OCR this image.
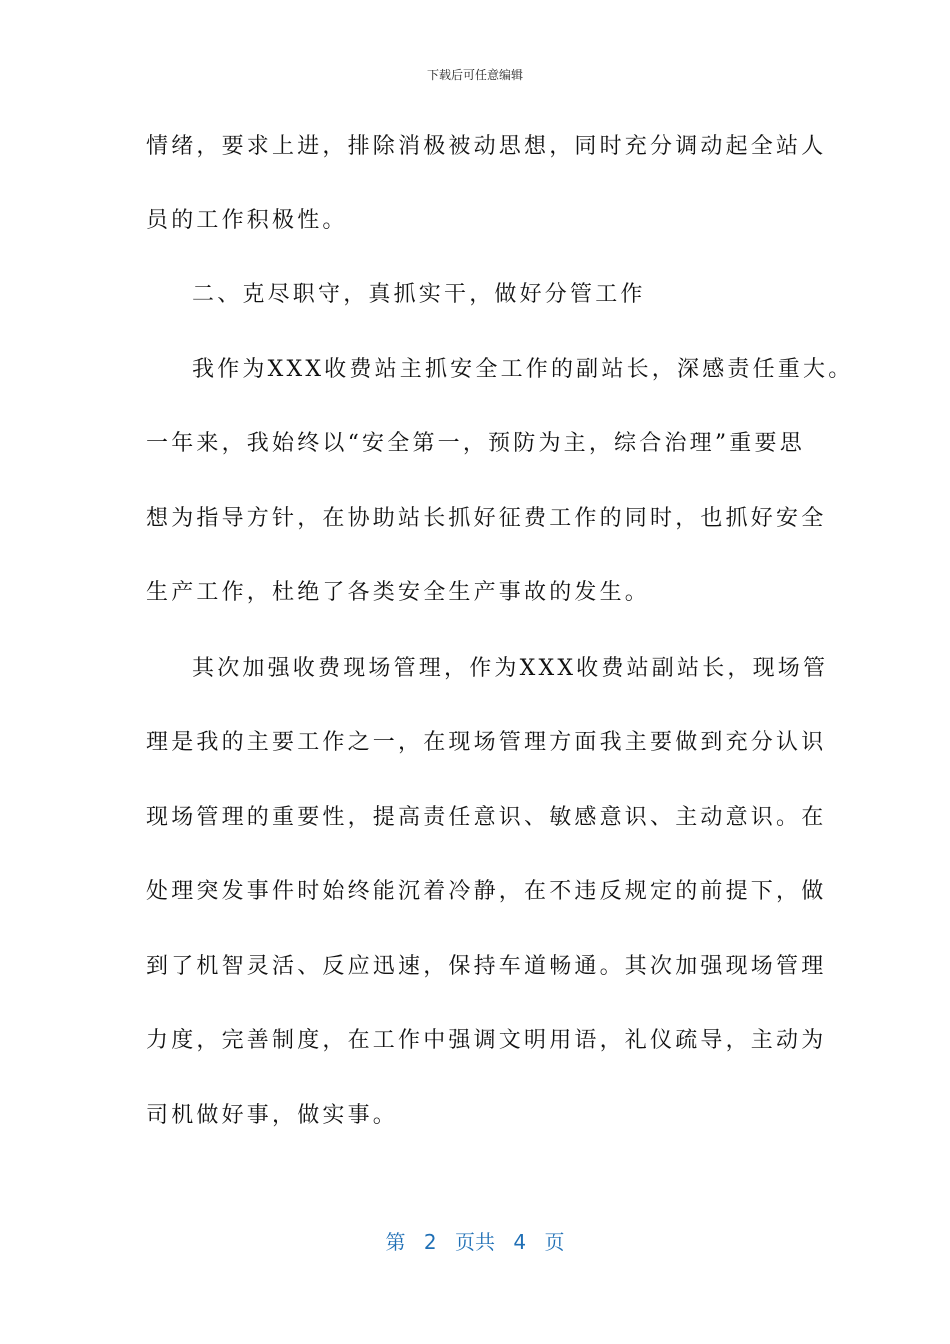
下载后可任意编辑
情绪，要求上进，排除消极被动思想，同时充分调动起全站人
员的工作积极性。
二、克尽职守，真抓实干，做好分管工作
我作为XXX收费站主抓安全工作的副站长，深感责任重大。
一年来，我始终以“安全第一，预防为主，综合治理”重要思
想为指导方针，在协助站长抓好征费工作的同时，也抓好安全
生产工作，杜绝了各类安全生产事故的发生。
其次加强收费现场管理，作为XXX收费站副站长，现场管
理是我的主要工作之一，在现场管理方面我主要做到充分认识
现场管理的重要性，提高责任意识、敏感意识、主动意识。在
处理突发事件时始终能沉着冷静，在不违反规定的前提下，做
到了机智灵活、反应迅速，保持车道畅通。其次加强现场管理
力度，完善制度，在工作中强调文明用语，礼仪疏导，主动为
司机做好事，做实事。
第 2 页共 4 页
